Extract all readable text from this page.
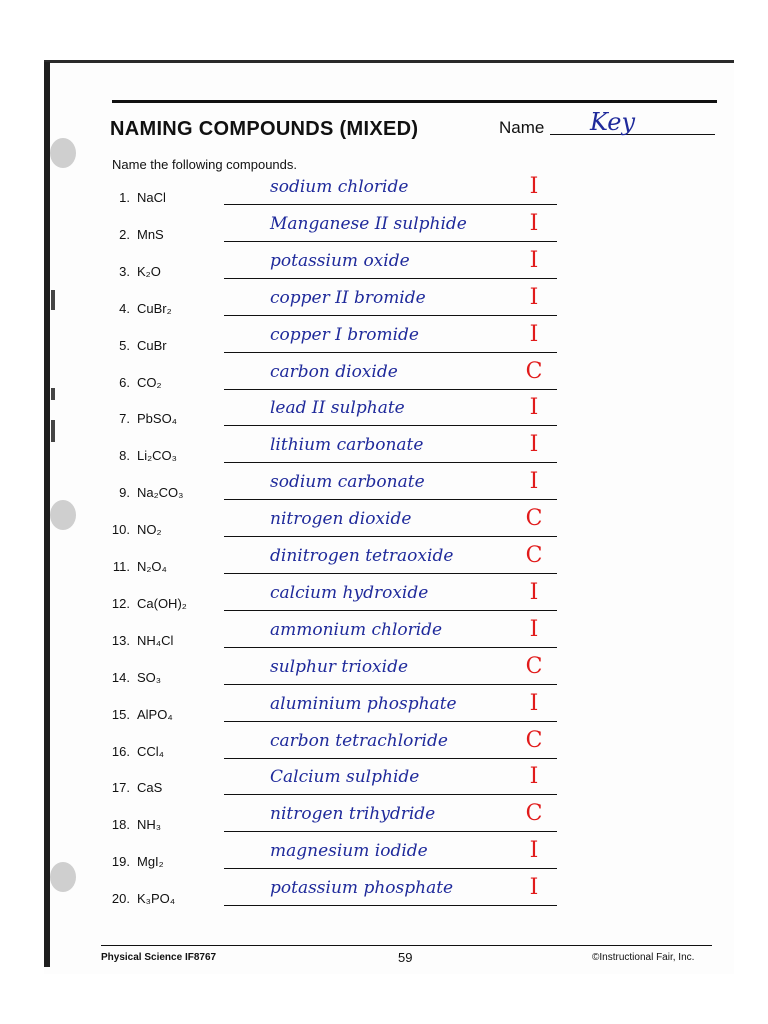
NAMING COMPOUNDS (MIXED)	Name Key
Name the following compounds.
1. NaCl
sodium chloride	I
2. MnS
Manganese II sulphide	I
3. K₂O
potassium oxide	I
4. CuBr₂
copper II bromide	I
5. CuBr
copper I bromide	I
6. CO₂
carbon dioxide	C
7. PbSO₄
lead II sulphate	I
8. Li₂CO₃
lithium carbonate	I
9. Na₂CO₃
sodium carbonate	I
10. NO₂
nitrogen dioxide	C
11. N₂O₄
dinitrogen tetraoxide	C
12. Ca(OH)₂
calcium hydroxide	I
13. NH₄Cl
ammonium chloride	I
14. SO₃
sulphur trioxide	C
15. AlPO₄
aluminium phosphate	I
16. CCl₄
carbon tetrachloride	C
17. CaS
Calcium sulphide	I
18. NH₃
nitrogen trihydride	C
19. MgI₂
magnesium iodide	I
20. K₃PO₄
potassium phosphate	I
Physical Science IF8767	59	©Instructional Fair, Inc.
